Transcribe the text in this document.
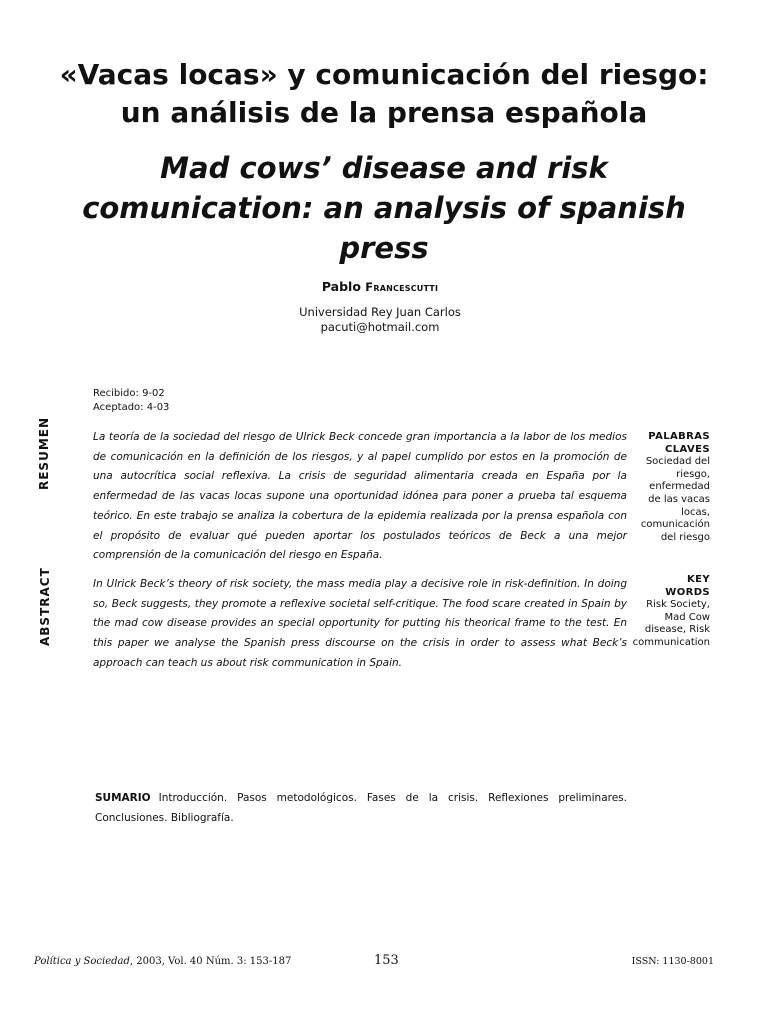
«Vacas locas» y comunicación del riesgo:
un análisis de la prensa española
Mad cows’ disease and risk
comunication: an analysis of spanish
press
Pablo Francescutti
Universidad Rey Juan Carlos
pacuti@hotmail.com
Recibido: 9-02
Aceptado: 4-03
RESUMEN	La teoría de la sociedad del riesgo de Ulrick Beck concede gran importancia a la labor de los medios de comunicación en la definición de los riesgos, y al papel cumplido por estos en la promoción de una autocrítica social reflexiva. La crisis de seguridad alimentaria creada en España por la enfermedad de las vacas locas supone una oportunidad idónea para poner a prueba tal esquema teórico. En este trabajo se analiza la cobertura de la epidemia realizada por la prensa española con el propósito de evaluar qué pueden aportar los postulados teóricos de Beck a una mejor comprensión de la comunicación del riesgo en España.

PALABRAS
CLAVES
Sociedad del
riesgo,
enfermedad
de las vacas
locas,
comunicación
del riesgo
ABSTRACT	In Ulrick Beck’s theory of risk society, the mass media play a decisive role in risk-definition. In doing so, Beck suggests, they promote a reflexive societal self-critique. The food scare created in Spain by the mad cow disease provides an special opportunity for putting his theorical frame to the test. En this paper we analyse the Spanish press discourse on the crisis in order to assess what Beck’s approach can teach us about risk communication in Spain.

KEY
WORDS
Risk Society,
Mad Cow
disease, Risk
communication

SUMARIO Introducción. Pasos metodológicos. Fases de la crisis. Reflexiones preliminares. Conclusiones. Bibliografía.

Política y Sociedad, 2003, Vol. 40 Núm. 3: 153-187	153	ISSN: 1130-8001
